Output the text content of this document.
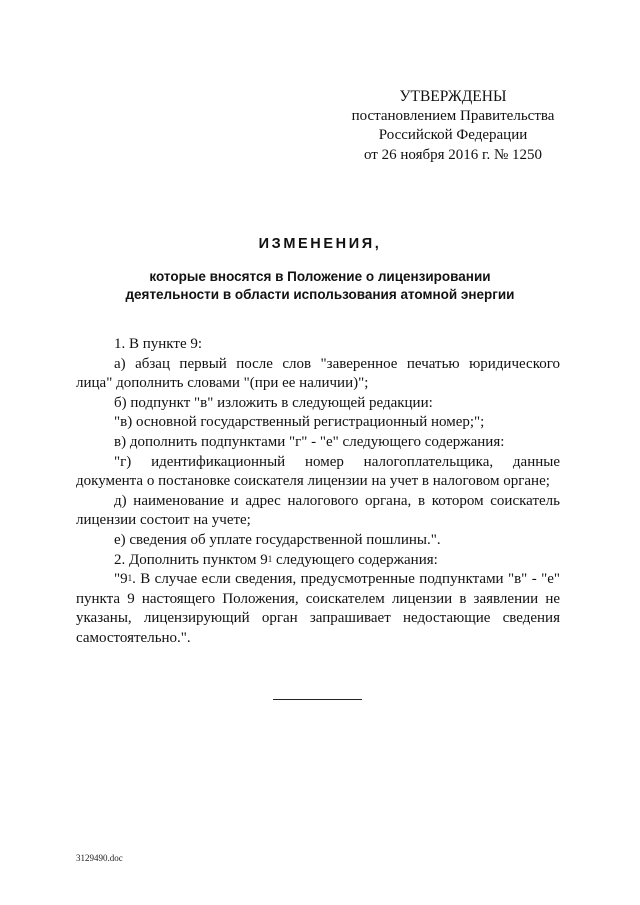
УТВЕРЖДЕНЫ
постановлением Правительства
Российской Федерации
от 26 ноября 2016 г. № 1250
ИЗМЕНЕНИЯ,
которые вносятся в Положение о лицензировании
деятельности в области использования атомной энергии

1. В пункте 9:

а) абзац первый после слов "заверенное печатью юридического лица" дополнить словами "(при ее наличии)";

б) подпункт "в" изложить в следующей редакции:

"в) основной государственный регистрационный номер;";

в) дополнить подпунктами "г" - "е" следующего содержания:

"г) идентификационный номер налогоплательщика, данные документа о постановке соискателя лицензии на учет в налоговом органе;

д) наименование и адрес налогового органа, в котором соискатель лицензии состоит на учете;

е) сведения об уплате государственной пошлины.".

2. Дополнить пунктом $9^1$ следующего содержания:

"$9^1$. В случае если сведения, предусмотренные подпунктами "в" - "е" пункта 9 настоящего Положения, соискателем лицензии в заявлении не указаны, лицензирующий орган запрашивает недостающие сведения самостоятельно.".

3129490.doc
